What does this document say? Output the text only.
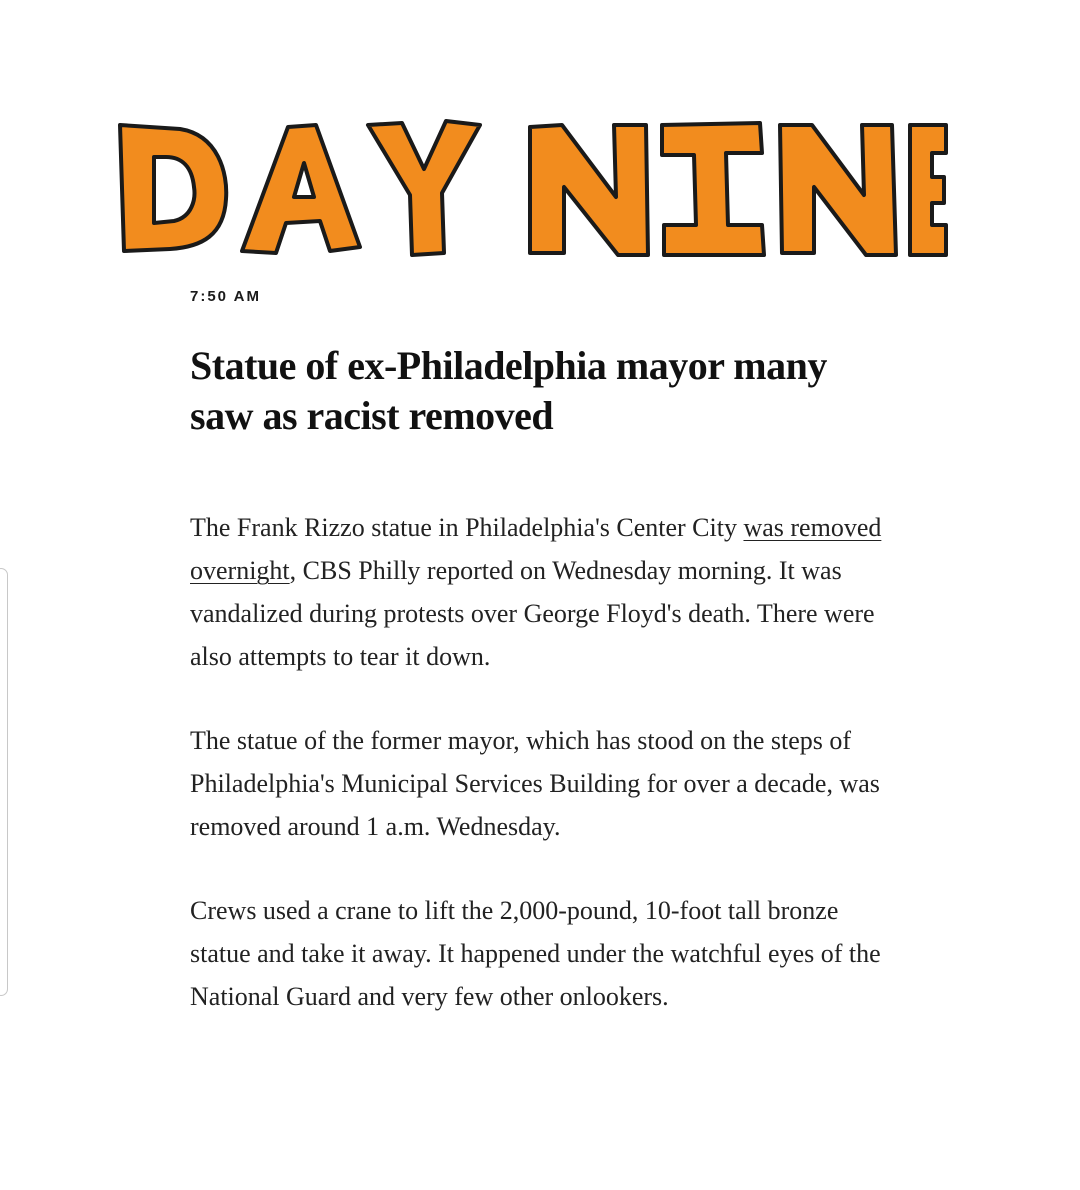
7:50 AM
Statue of ex-Philadelphia mayor many saw as racist removed

The Frank Rizzo statue in Philadelphia's Center City was removed overnight, CBS Philly reported on Wednesday morning. It was vandalized during protests over George Floyd's death. There were also attempts to tear it down.

The statue of the former mayor, which has stood on the steps of Philadelphia's Municipal Services Building for over a decade, was removed around 1 a.m. Wednesday.

Crews used a crane to lift the 2,000-pound, 10-foot tall bronze statue and take it away. It happened under the watchful eyes of the National Guard and very few other onlookers.
